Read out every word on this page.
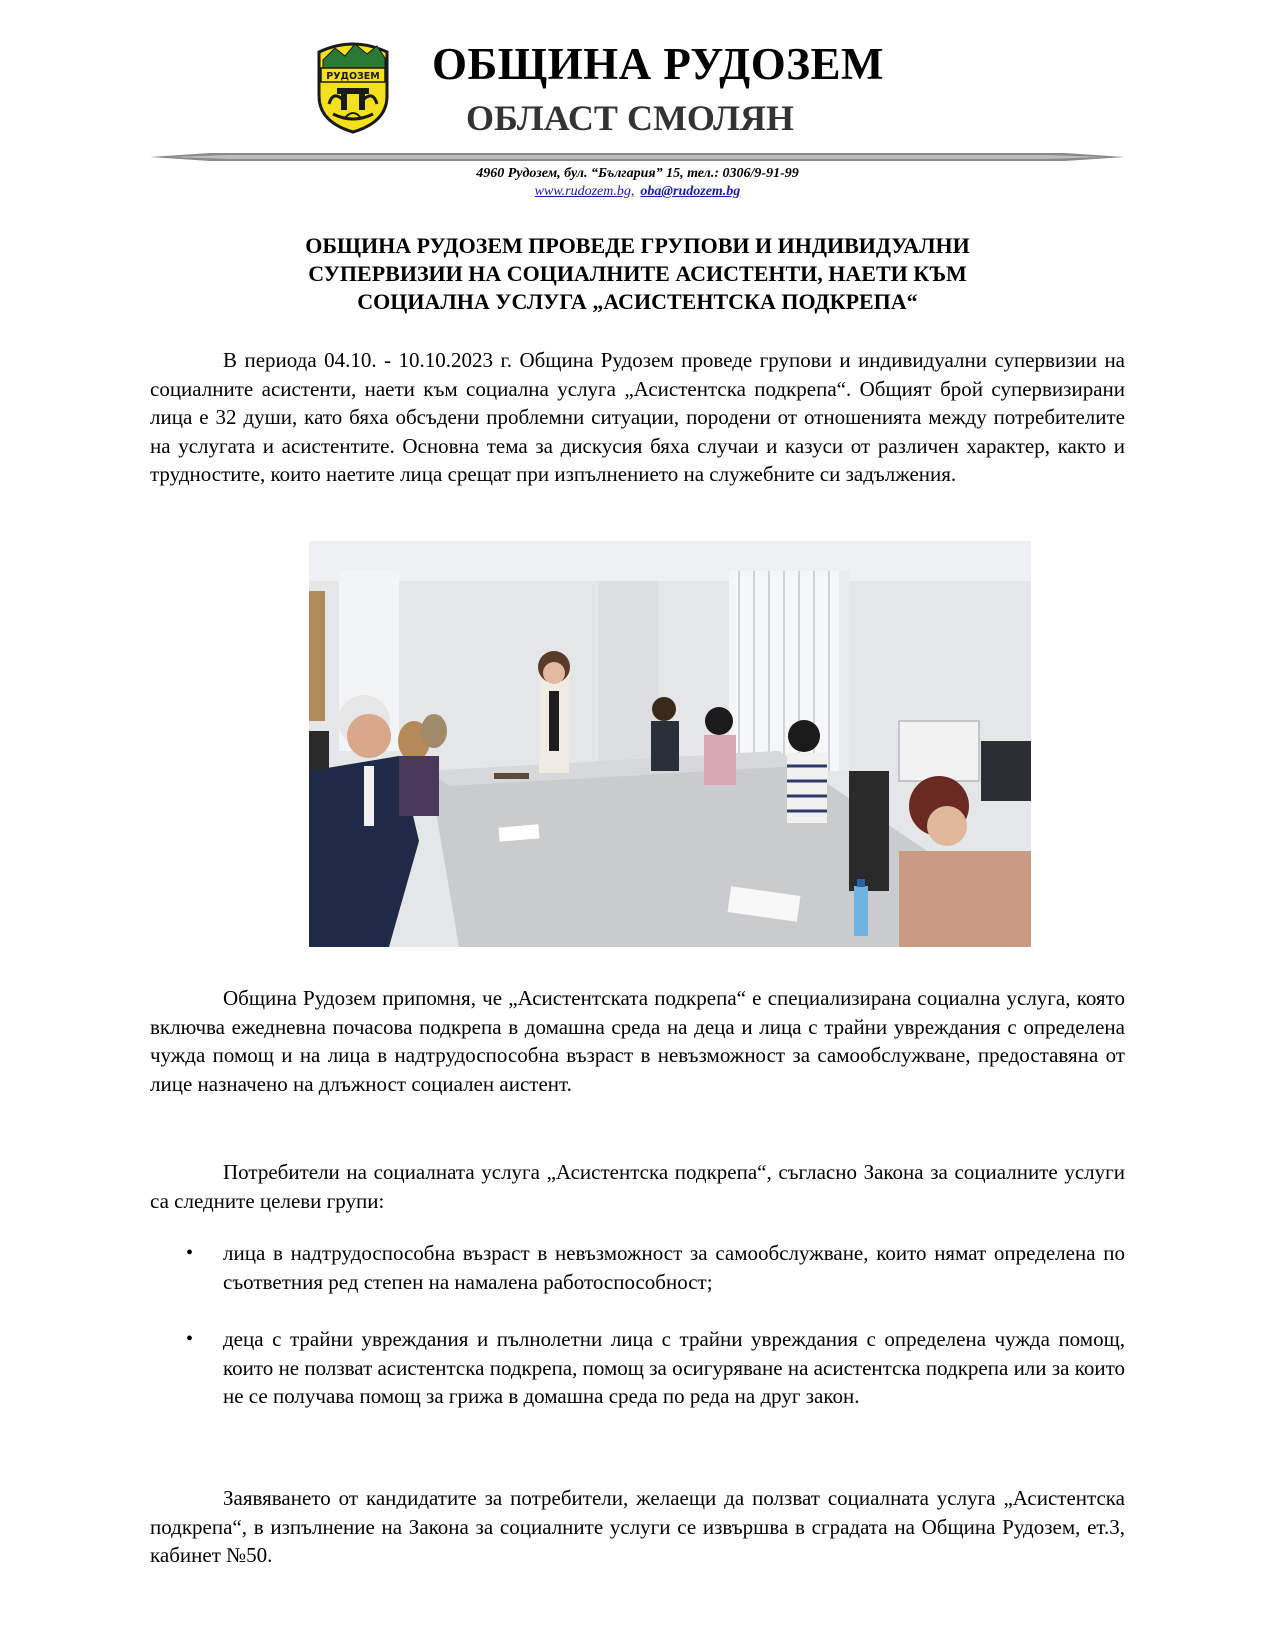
РУДОЗЕМ ОБЩИНА РУДОЗЕМ
ОБЛАСТ СМОЛЯН
4960 Рудозем, бул. “България” 15, тел.: 0306/9-91-99
www.rudozem.bg, oba@rudozem.bg
ОБЩИНА РУДОЗЕМ ПРОВЕДЕ ГРУПОВИ И ИНДИВИДУАЛНИ
СУПЕРВИЗИИ НА СОЦИАЛНИТЕ АСИСТЕНТИ, НАЕТИ КЪМ
СОЦИАЛНА УСЛУГА „АСИСТЕНТСКА ПОДКРЕПА“

В периода 04.10. - 10.10.2023 г. Община Рудозем проведе групови и индивидуални супервизии на социалните асистенти, наети към социална услуга „Асистентска подкрепа“. Общият брой супервизирани лица е 32 души, като бяха обсъдени проблемни ситуации, породени от отношенията между потребителите на услугата и асистентите. Основна тема за дискусия бяха случаи и казуси от различен характер, както и трудностите, които наетите лица срещат при изпълнението на служебните си задължения.

Община Рудозем припомня, че „Асистентската подкрепа“ е специализирана социална услуга, която включва ежедневна почасова подкрепа в домашна среда на деца и лица с трайни увреждания с определена чужда помощ и на лица в надтрудоспособна възраст в невъзможност за самообслужване, предоставяна от лице назначено на длъжност социален аистент.

Потребители на социалната услуга „Асистентска подкрепа“, съгласно Закона за социалните услуги са следните целеви групи:

• лица в надтрудоспособна възраст в невъзможност за самообслужване, които нямат определена по съответния ред степен на намалена работоспособност;

• деца с трайни увреждания и пълнолетни лица с трайни увреждания с определена чужда помощ, които не ползват асистентска подкрепа, помощ за осигуряване на асистентска подкрепа или за които не се получава помощ за грижа в домашна среда по реда на друг закон.

Заявяването от кандидатите за потребители, желаещи да ползват социалната услуга „Асистентска подкрепа“, в изпълнение на Закона за социалните услуги се извършва в сградата на Община Рудозем, ет.3, кабинет №50.
